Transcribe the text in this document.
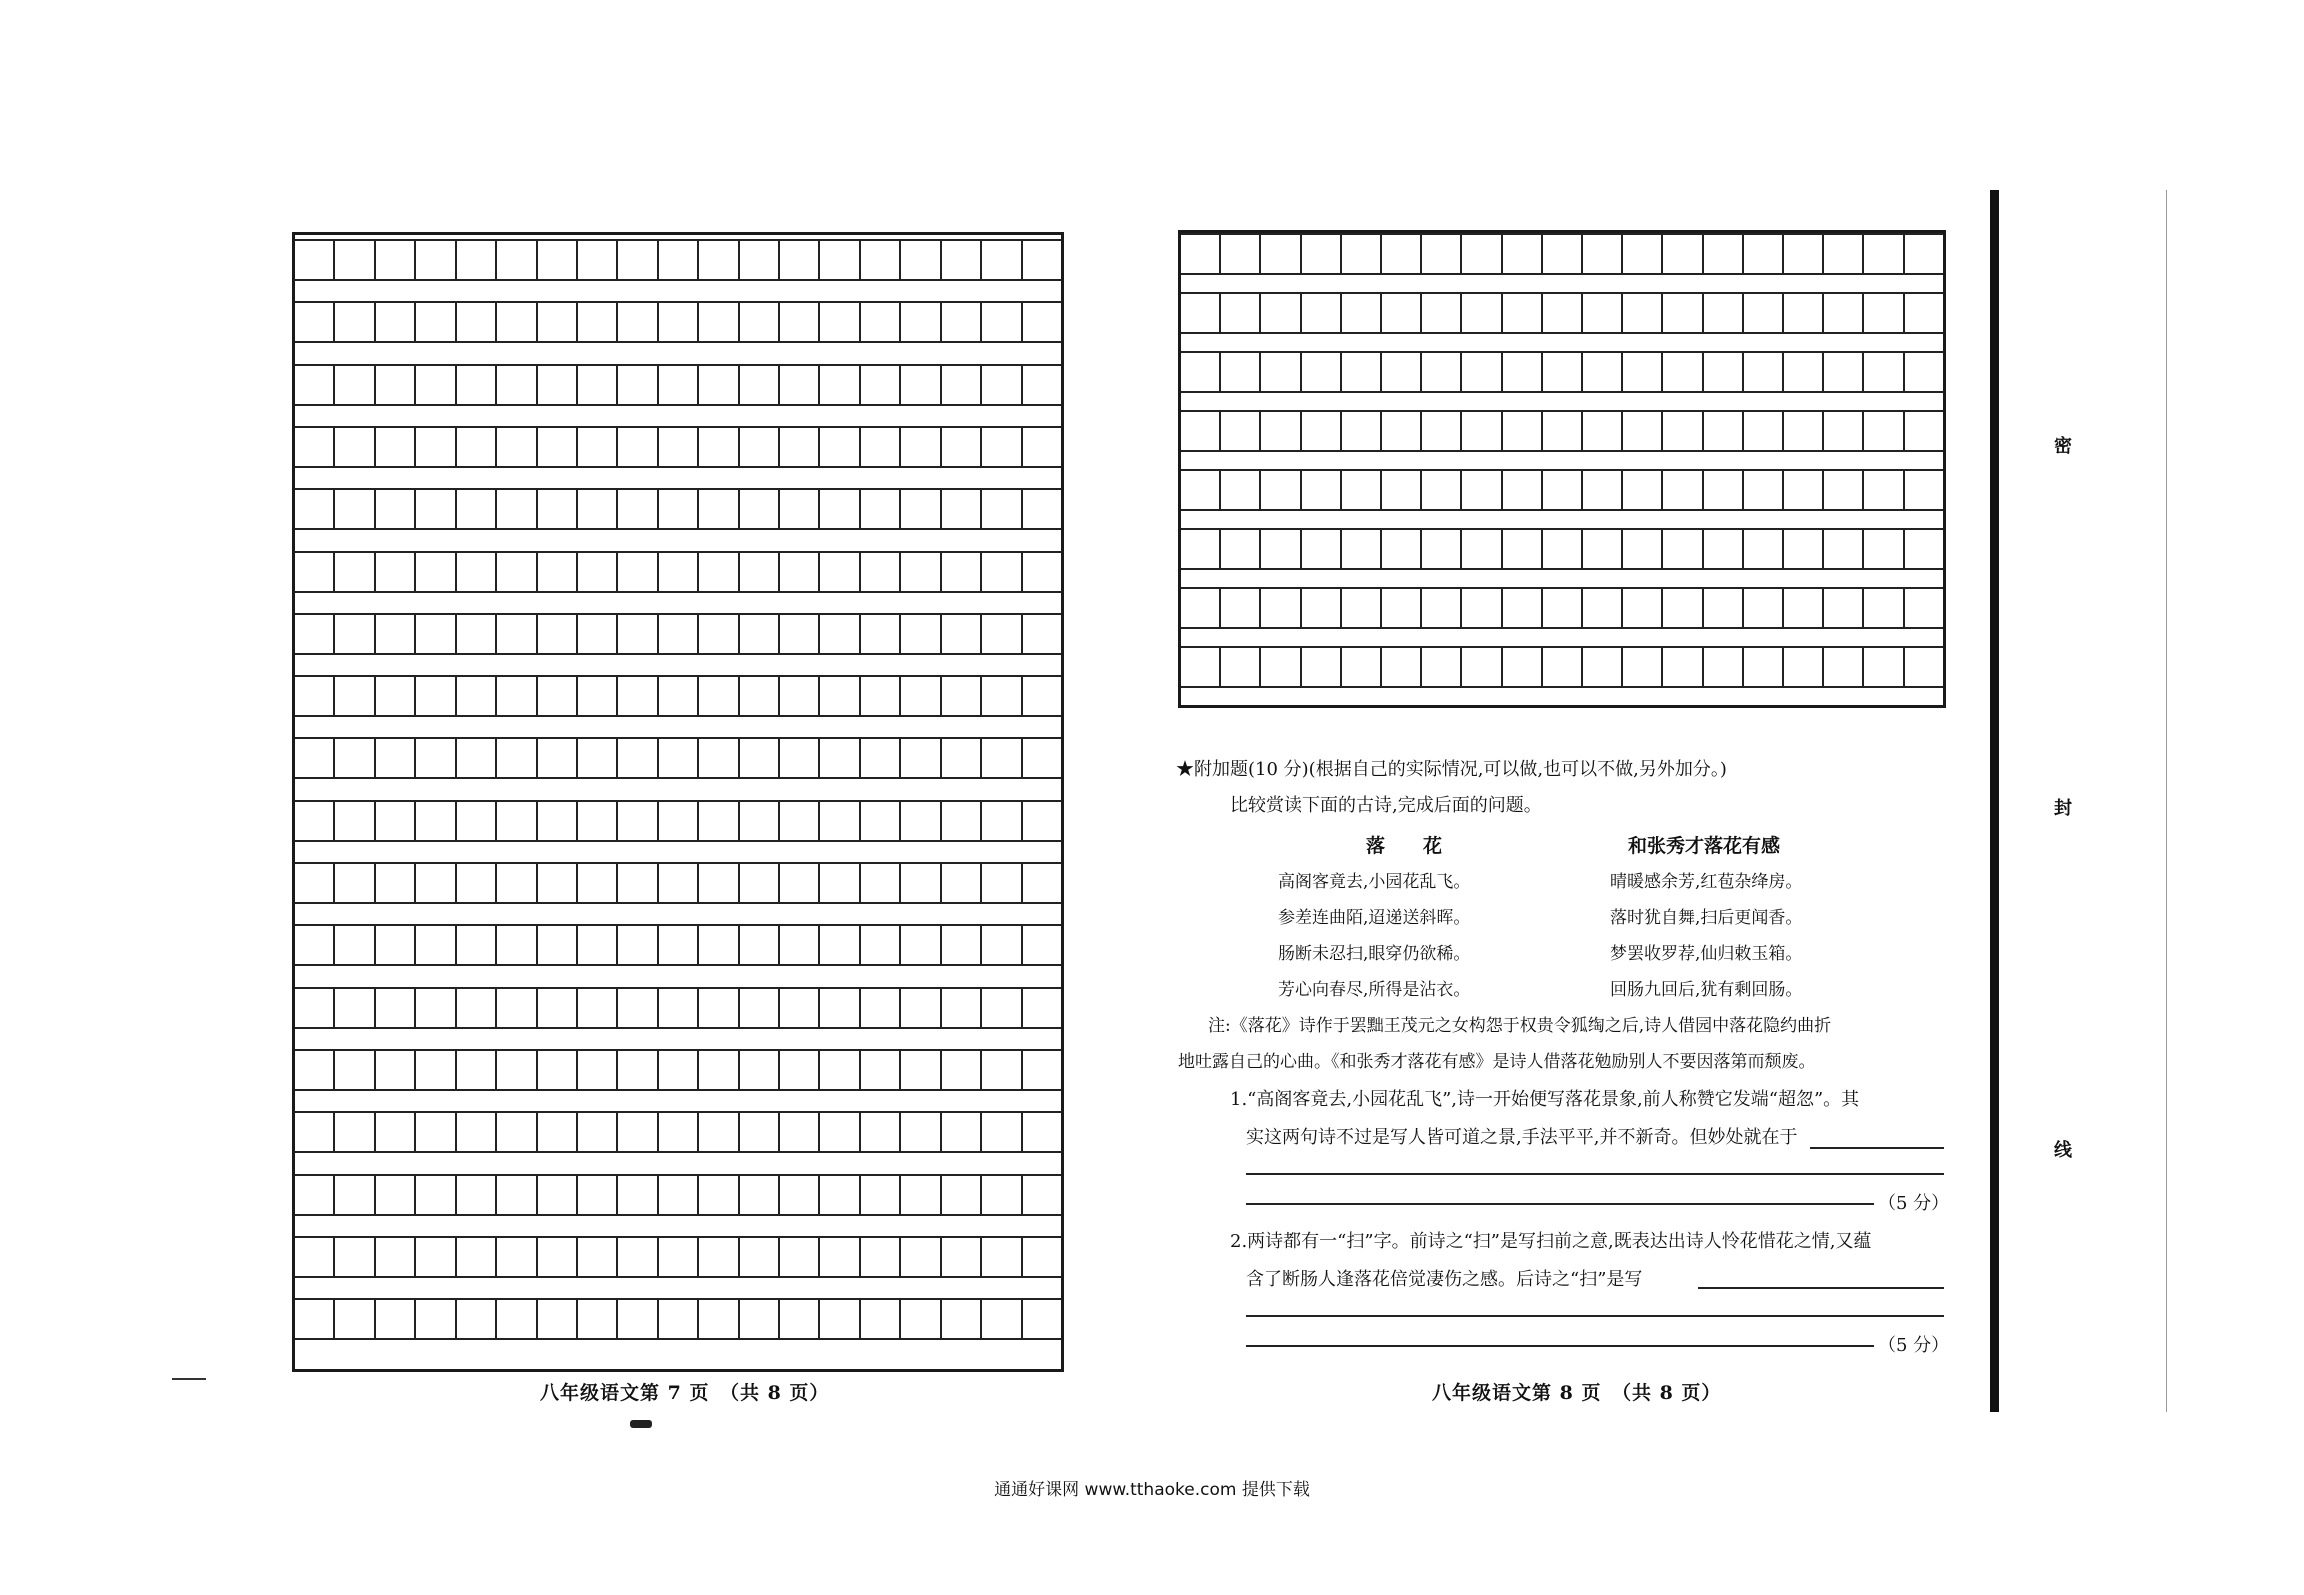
八年级语文第 7 页　（共 8 页）
★附加题(10 分)(根据自己的实际情况,可以做,也可以不做,另外加分。)
比较赏读下面的古诗,完成后面的问题。
落　　花	和张秀才落花有感
高阁客竟去,小园花乱飞。
参差连曲陌,迢递送斜晖。
肠断未忍扫,眼穿仍欲稀。
芳心向春尽,所得是沾衣。
晴暖感余芳,红苞杂绛房。
落时犹自舞,扫后更闻香。
梦罢收罗荐,仙归敕玉箱。
回肠九回后,犹有剩回肠。
注:《落花》诗作于罢黜王茂元之女构怨于权贵令狐绹之后,诗人借园中落花隐约曲折
地吐露自己的心曲。《和张秀才落花有感》是诗人借落花勉励别人不要因落第而颓废。
1.“高阁客竟去,小园花乱飞”,诗一开始便写落花景象,前人称赞它发端“超忽”。其
实这两句诗不过是写人皆可道之景,手法平平,并不新奇。但妙处就在于
（5 分）
2.两诗都有一“扫”字。前诗之“扫”是写扫前之意,既表达出诗人怜花惜花之情,又蕴
含了断肠人逢落花倍觉凄伤之感。后诗之“扫”是写
（5 分）
八年级语文第 8 页　（共 8 页）
密
封
线
通通好课网 www.tthaoke.com 提供下载
